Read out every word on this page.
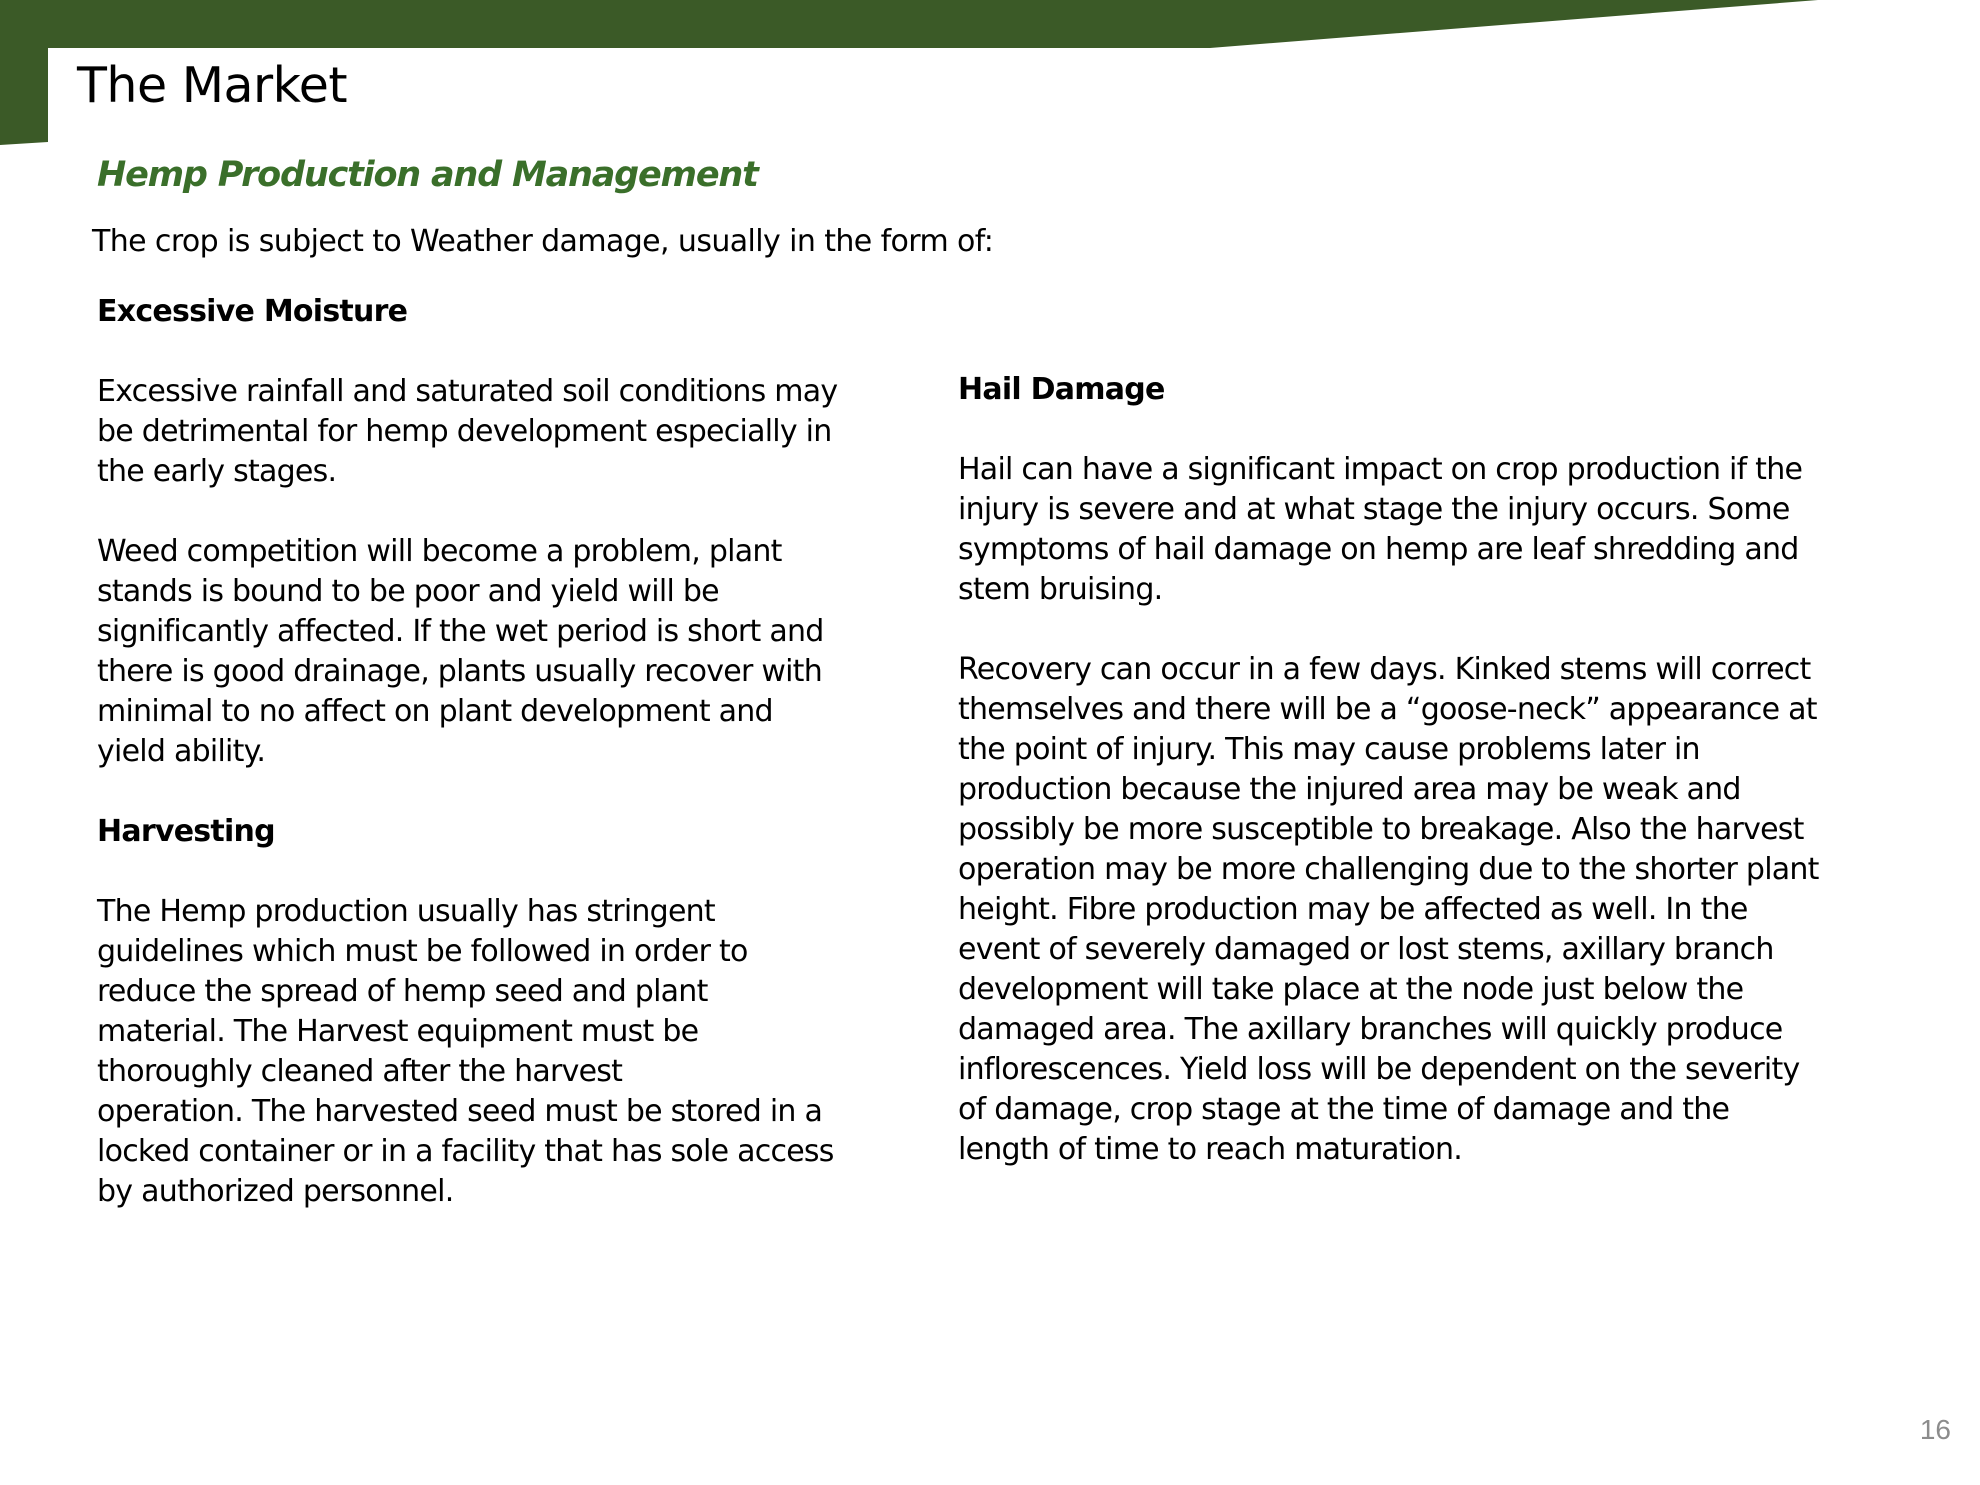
The Market
Hemp Production and Management

The crop is subject to Weather damage, usually in the form of:

Excessive Moisture

Excessive rainfall and saturated soil conditions may
be detrimental for hemp development especially in
the early stages.

Weed competition will become a problem, plant
stands is bound to be poor and yield will be
significantly affected. If the wet period is short and
there is good drainage, plants usually recover with
minimal to no affect on plant development and
yield ability.

Harvesting

The Hemp production usually has stringent
guidelines which must be followed in order to
reduce the spread of hemp seed and plant
material. The Harvest equipment must be
thoroughly cleaned after the harvest
operation. The harvested seed must be stored in a
locked container or in a facility that has sole access
by authorized personnel.

Hail Damage

Hail can have a significant impact on crop production if the
injury is severe and at what stage the injury occurs. Some
symptoms of hail damage on hemp are leaf shredding and
stem bruising.

Recovery can occur in a few days. Kinked stems will correct
themselves and there will be a “goose-neck” appearance at
the point of injury. This may cause problems later in
production because the injured area may be weak and
possibly be more susceptible to breakage. Also the harvest
operation may be more challenging due to the shorter plant
height. Fibre production may be affected as well. In the
event of severely damaged or lost stems, axillary branch
development will take place at the node just below the
damaged area. The axillary branches will quickly produce
inflorescences. Yield loss will be dependent on the severity
of damage, crop stage at the time of damage and the
length of time to reach maturation.

16
